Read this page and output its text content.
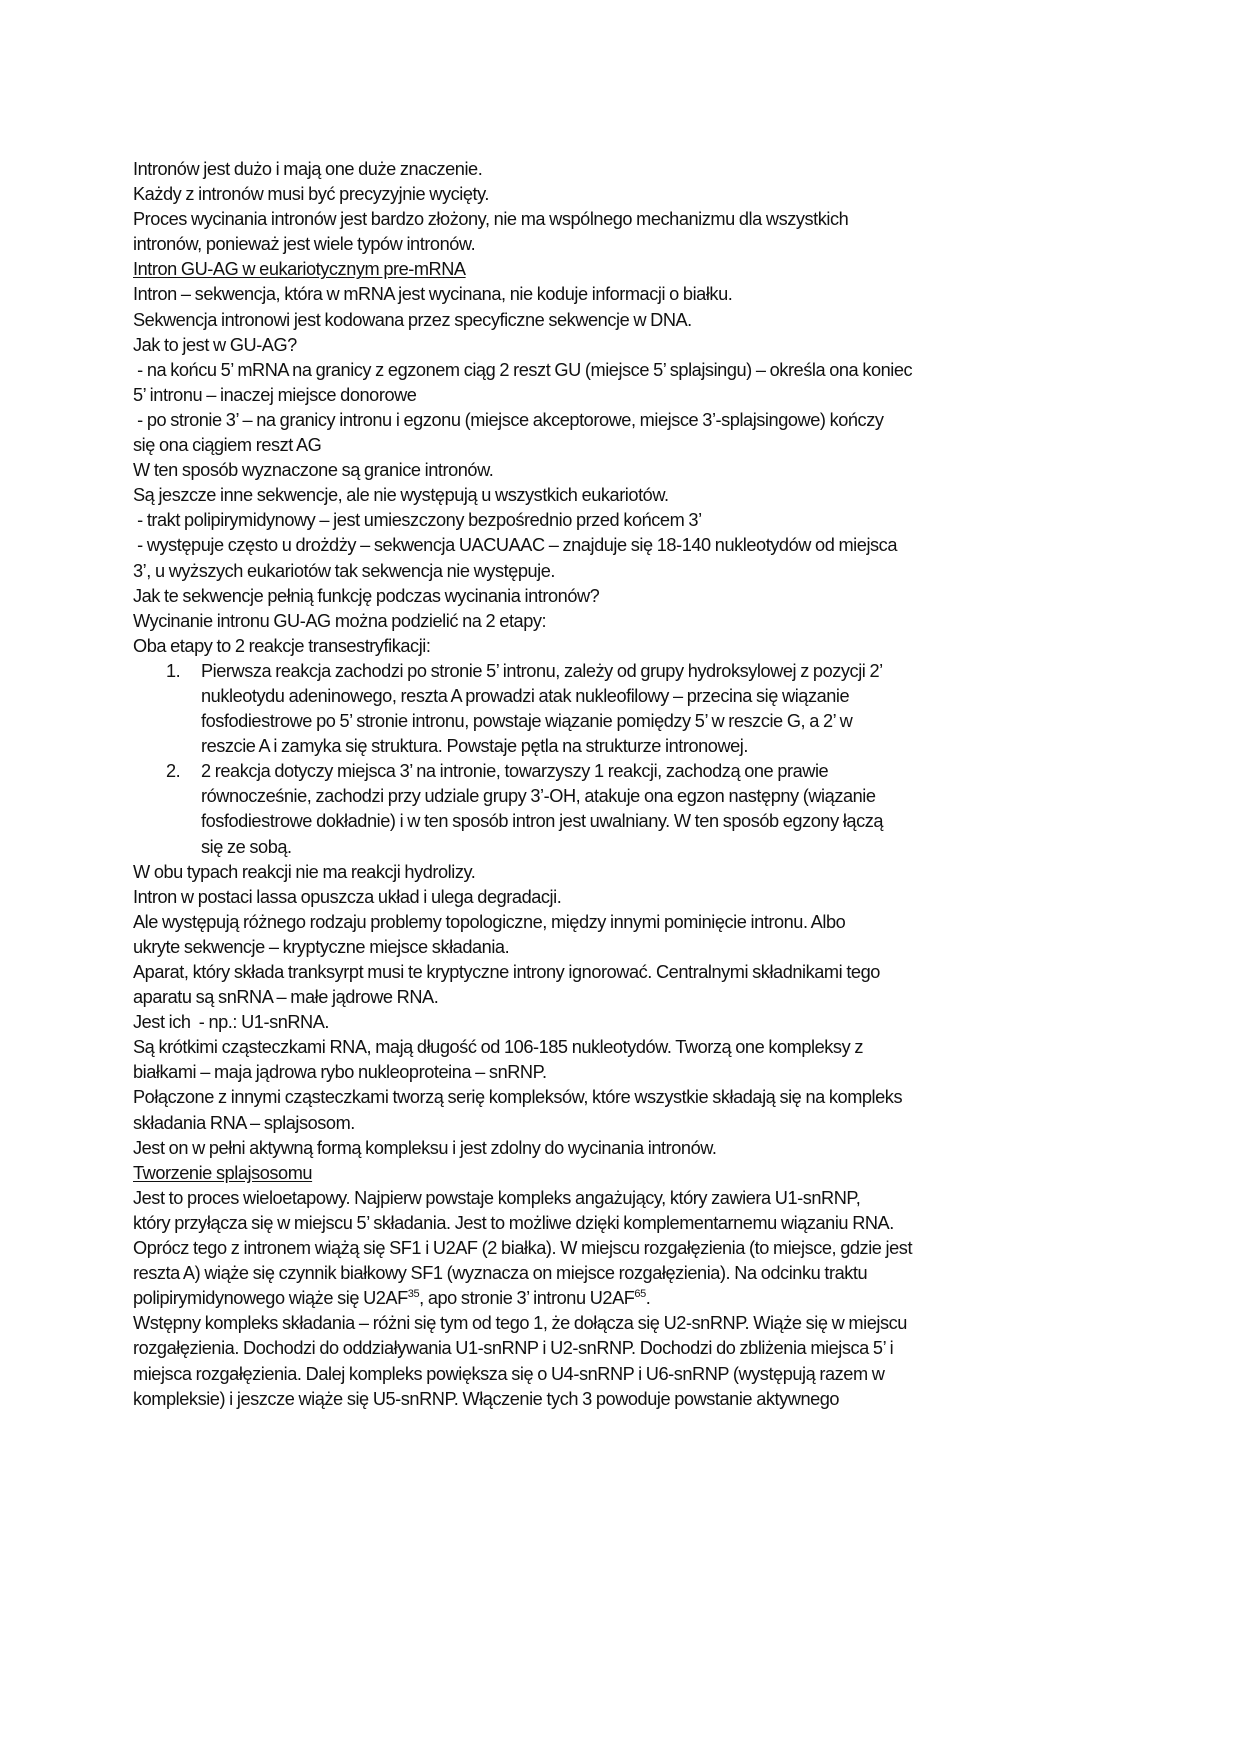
Intronów jest dużo i mają one duże znaczenie.
Każdy z intronów musi być precyzyjnie wycięty.
Proces wycinania intronów jest bardzo złożony, nie ma wspólnego mechanizmu dla wszystkich
intronów, ponieważ jest wiele typów intronów.
Intron GU-AG w eukariotycznym pre-mRNA
Intron – sekwencja, która w mRNA jest wycinana, nie koduje informacji o białku.
Sekwencja intronowi jest kodowana przez specyficzne sekwencje w DNA.
Jak to jest w GU-AG?
- na końcu 5’ mRNA na granicy z egzonem ciąg 2 reszt GU (miejsce 5’ splajsingu) – określa ona koniec
5’ intronu – inaczej miejsce donorowe
- po stronie 3’ – na granicy intronu i egzonu (miejsce akceptorowe, miejsce 3’-splajsingowe) kończy
się ona ciągiem reszt AG
W ten sposób wyznaczone są granice intronów.
Są jeszcze inne sekwencje, ale nie występują u wszystkich eukariotów.
- trakt polipirymidynowy – jest umieszczony bezpośrednio przed końcem 3’
- występuje często u drożdży – sekwencja UACUAAC – znajduje się 18-140 nukleotydów od miejsca
3’, u wyższych eukariotów tak sekwencja nie występuje.
Jak te sekwencje pełnią funkcję podczas wycinania intronów?
Wycinanie intronu GU-AG można podzielić na 2 etapy:
Oba etapy to 2 reakcje transestryfikacji:
1.	Pierwsza reakcja zachodzi po stronie 5’ intronu, zależy od grupy hydroksylowej z pozycji 2’
nukleotydu adeninowego, reszta A prowadzi atak nukleofilowy – przecina się wiązanie
fosfodiestrowe po 5’ stronie intronu, powstaje wiązanie pomiędzy 5’ w reszcie G, a 2’ w
reszcie A i zamyka się struktura. Powstaje pętla na strukturze intronowej.
2.	2 reakcja dotyczy miejsca 3’ na intronie, towarzyszy 1 reakcji, zachodzą one prawie
równocześnie, zachodzi przy udziale grupy 3’-OH, atakuje ona egzon następny (wiązanie
fosfodiestrowe dokładnie) i w ten sposób intron jest uwalniany. W ten sposób egzony łączą
się ze sobą.
W obu typach reakcji nie ma reakcji hydrolizy.
Intron w postaci lassa opuszcza układ i ulega degradacji.
Ale występują różnego rodzaju problemy topologiczne, między innymi pominięcie intronu. Albo
ukryte sekwencje – kryptyczne miejsce składania.
Aparat, który składa tranksyrpt musi te kryptyczne introny ignorować. Centralnymi składnikami tego
aparatu są snRNA – małe jądrowe RNA.
Jest ich  - np.: U1-snRNA.
Są krótkimi cząsteczkami RNA, mają długość od 106-185 nukleotydów. Tworzą one kompleksy z
białkami – maja jądrowa rybo nukleoproteina – snRNP.
Połączone z innymi cząsteczkami tworzą serię kompleksów, które wszystkie składają się na kompleks
składania RNA – splajsosom.
Jest on w pełni aktywną formą kompleksu i jest zdolny do wycinania intronów.
Tworzenie splajsosomu
Jest to proces wieloetapowy. Najpierw powstaje kompleks angażujący, który zawiera U1-snRNP,
który przyłącza się w miejscu 5’ składania. Jest to możliwe dzięki komplementarnemu wiązaniu RNA.
Oprócz tego z intronem wiążą się SF1 i U2AF (2 białka). W miejscu rozgałęzienia (to miejsce, gdzie jest
reszta A) wiąże się czynnik białkowy SF1 (wyznacza on miejsce rozgałęzienia). Na odcinku traktu
polipirymidynowego wiąże się U2AF$^{35}$, apo stronie 3’ intronu U2AF$^{65}$.
Wstępny kompleks składania – różni się tym od tego 1, że dołącza się U2-snRNP. Wiąże się w miejscu
rozgałęzienia. Dochodzi do oddziaływania U1-snRNP i U2-snRNP. Dochodzi do zbliżenia miejsca 5’ i
miejsca rozgałęzienia. Dalej kompleks powiększa się o U4-snRNP i U6-snRNP (występują razem w
kompleksie) i jeszcze wiąże się U5-snRNP. Włączenie tych 3 powoduje powstanie aktywnego
